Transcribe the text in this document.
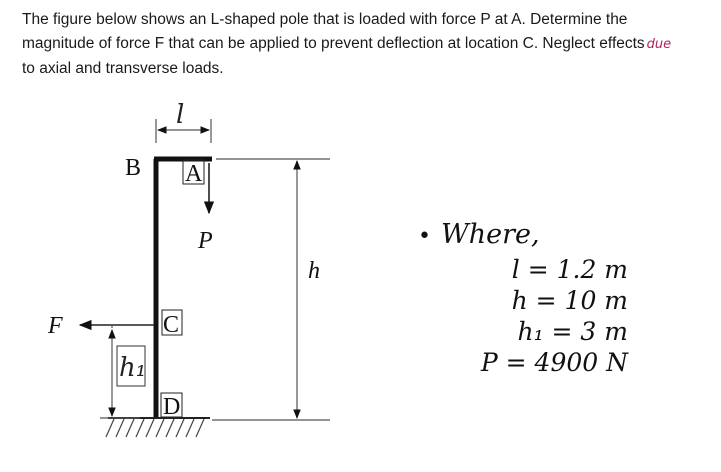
The figure below shows an L-shaped pole that is loaded with force P at A. Determine the

magnitude of force F that can be applied to prevent deflection at location C. Neglect effects due

to axial and transverse loads.

l
P
B A
F	C
D
h₁
h
• Where,
l = 1.2 m
h = 10 m
h₁ = 3 m
P = 4900 N
